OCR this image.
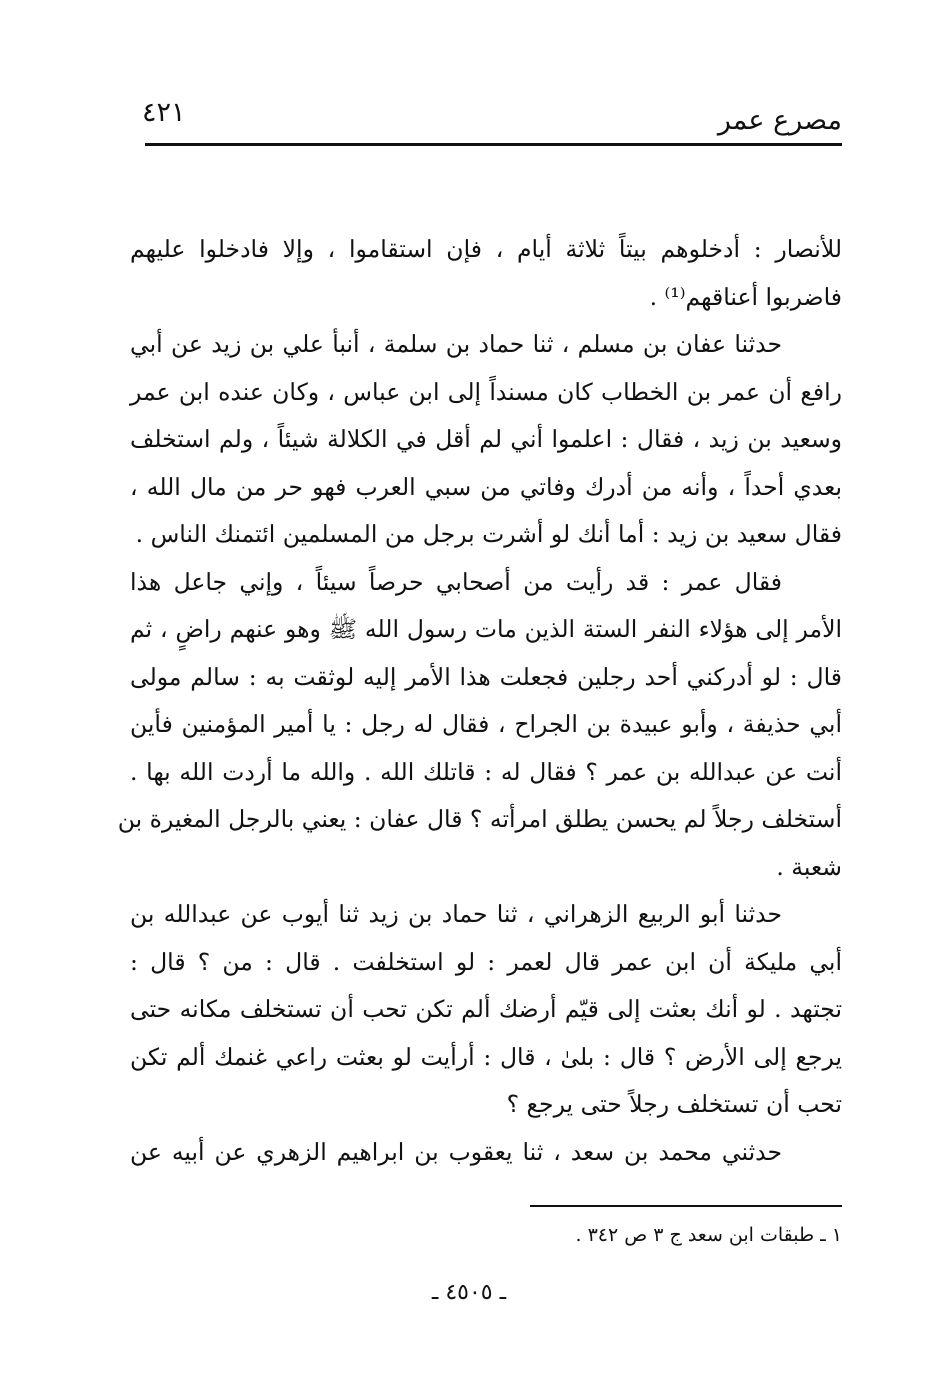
مصرع عمر
٤٢١
للأنصار : أدخلوهم بيتاً ثلاثة أيام ، فإن استقاموا ، وإلا فادخلوا عليهم
فاضربوا أعناقهم⁽¹⁾ .
حدثنا عفان بن مسلم ، ثنا حماد بن سلمة ، أنبأ علي بن زيد عن أبي
رافع أن عمر بن الخطاب كان مسنداً إلى ابن عباس ، وكان عنده ابن عمر
وسعيد بن زيد ، فقال : اعلموا أني لم أقل في الكلالة شيئاً ، ولم استخلف
بعدي أحداً ، وأنه من أدرك وفاتي من سبي العرب فهو حر من مال الله ،
فقال سعيد بن زيد : أما أنك لو أشرت برجل من المسلمين ائتمنك الناس .
فقال عمر : قد رأيت من أصحابي حرصاً سيئاً ، وإني جاعل هذا
الأمر إلى هؤلاء النفر الستة الذين مات رسول الله ﷺ وهو عنهم راضٍ ، ثم
قال : لو أدركني أحد رجلين فجعلت هذا الأمر إليه لوثقت به : سالم مولى
أبي حذيفة ، وأبو عبيدة بن الجراح ، فقال له رجل : يا أمير المؤمنين فأين
أنت عن عبدالله بن عمر ؟ فقال له : قاتلك الله . والله ما أردت الله بها .
أستخلف رجلاً لم يحسن يطلق امرأته ؟ قال عفان : يعني بالرجل المغيرة بن
شعبة .
حدثنا أبو الربيع الزهراني ، ثنا حماد بن زيد ثنا أيوب عن عبدالله بن
أبي مليكة أن ابن عمر قال لعمر : لو استخلفت . قال : من ؟ قال :
تجتهد . لو أنك بعثت إلى قيّم أرضك ألم تكن تحب أن تستخلف مكانه حتى
يرجع إلى الأرض ؟ قال : بلىٰ ، قال : أرأيت لو بعثت راعي غنمك ألم تكن
تحب أن تستخلف رجلاً حتى يرجع ؟
حدثني محمد بن سعد ، ثنا يعقوب بن ابراهيم الزهري عن أبيه عن
١ ـ طبقات ابن سعد ج ٣ ص ٣٤٢ .
ـ ٤٥٠٥ ـ
